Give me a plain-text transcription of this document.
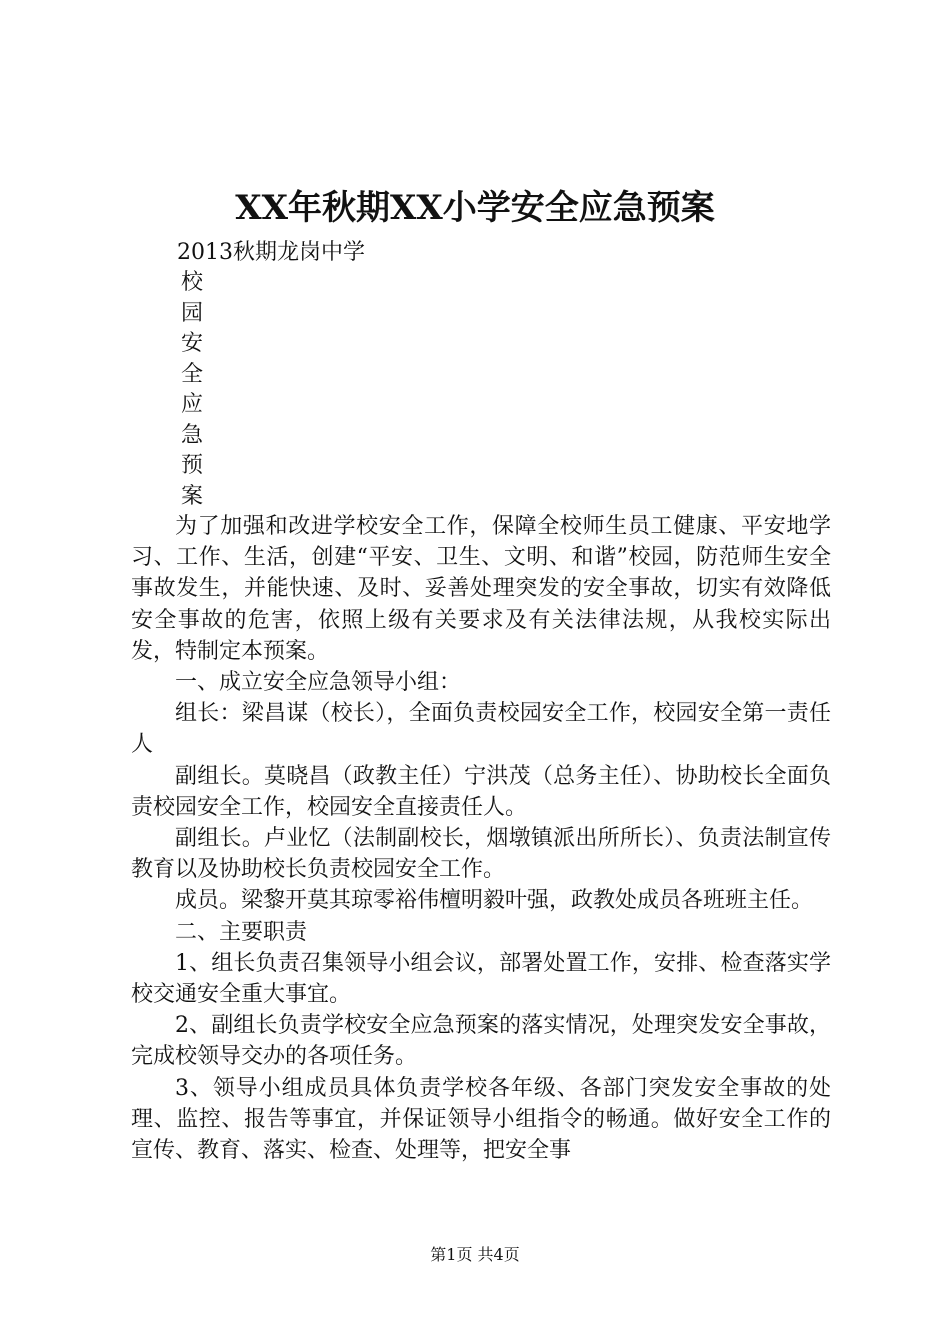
XX年秋期XX小学安全应急预案
2013秋期龙岗中学
校
园
安
全
应
急
预
案

为了加强和改进学校安全工作，保障全校师生员工健康、平安地学习、工作、生活，创建“平安、卫生、文明、和谐”校园，防范师生安全事故发生，并能快速、及时、妥善处理突发的安全事故，切实有效降低安全事故的危害，依照上级有关要求及有关法律法规，从我校实际出发，特制定本预案。

一、成立安全应急领导小组：

组长：梁昌谋（校长），全面负责校园安全工作，校园安全第一责任人

副组长。莫晓昌（政教主任）宁洪茂（总务主任）、协助校长全面负责校园安全工作，校园安全直接责任人。

副组长。卢业忆（法制副校长，烟墩镇派出所所长）、负责法制宣传教育以及协助校长负责校园安全工作。

成员。梁黎开莫其琼零裕伟檀明毅叶强，政教处成员各班班主任。

二、主要职责

1、组长负责召集领导小组会议，部署处置工作，安排、检查落实学校交通安全重大事宜。

2、副组长负责学校安全应急预案的落实情况，处理突发安全事故，完成校领导交办的各项任务。

3、领导小组成员具体负责学校各年级、各部门突发安全事故的处理、监控、报告等事宜，并保证领导小组指令的畅通。做好安全工作的宣传、教育、落实、检查、处理等，把安全事

第1页 共4页
